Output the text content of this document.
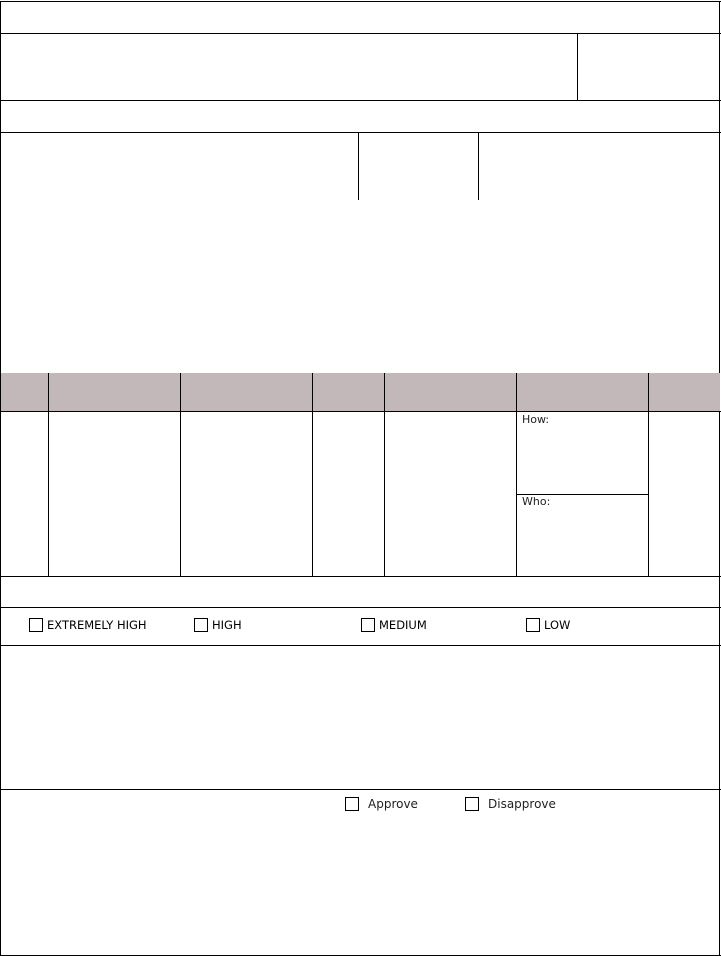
How:
Who:
EXTREMELY HIGH	HIGH	MEDIUM	LOW
Approve	Disapprove
